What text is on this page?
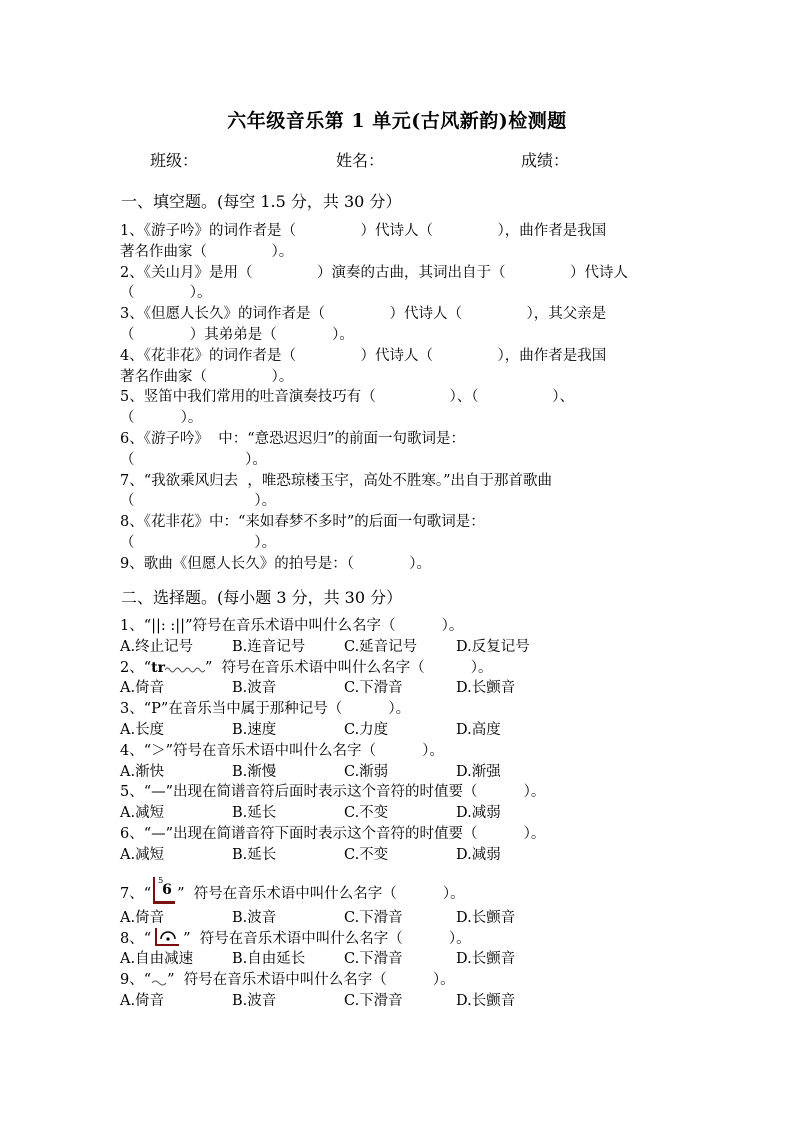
六年级音乐第 1 单元(古风新韵)检测题
班级：	姓名：	成绩：
一、填空题。(每空 1.5 分，共 30 分）
1、《游子吟》的词作者是（              ）代诗人（              ），曲作者是我国
著名作曲家（              ）。
2、《关山月》是用（              ）演奏的古曲，其词出自于（              ）代诗人
（            ）。
3、《但愿人长久》的词作者是（              ）代诗人（              ），其父亲是
（            ）其弟弟是（            ）。
4、《花非花》的词作者是（              ）代诗人（              ），曲作者是我国
著名作曲家（              ）。
5、竖笛中我们常用的吐音演奏技巧有（                ）、（                ）、
（          ）。
6、《游子吟》  中：“意恐迟迟归”的前面一句歌词是：
（                        ）。
7、“我欲乘风归去  ，唯恐琼楼玉宇，高处不胜寒。”出自于那首歌曲
（                          ）。
8、《花非花》中：“来如春梦不多时”的后面一句歌词是：
（                          ）。
9、歌曲《但愿人长久》的拍号是：（            ）。
二、选择题。(每小题 3 分，共 30 分）
1、“||: :||”符号在音乐术语中叫什么名字（          ）。
A.终止记号	B.连音记号	C.延音记号	D.反复记号
2、“tr	”  符号在音乐术语中叫什么名字（          ）。
A.倚音	B.波音	C.下滑音	D.长颤音
3、“P”在音乐当中属于那种记号（          ）。
A.长度	B.速度	C.力度	D.高度
4、“＞”符号在音乐术语中叫什么名字（          ）。
A.渐快	B.渐慢	C.渐弱	D.渐强
5、“—”出现在简谱音符后面时表示这个音符的时值要（          ）。
A.减短	B.延长	C.不变	D.减弱
6、“—”出现在简谱音符下面时表示这个音符的时值要（          ）。
A.减短	B.延长	C.不变	D.减弱
7、“
5
6 ”  符号在音乐术语中叫什么名字（          ）。
A.倚音	B.波音	C.下滑音	D.长颤音
8、“ ”  符号在音乐术语中叫什么名字（          ）。
A.自由减速	B.自由延长	C.下滑音	D.长颤音
9、“ ”  符号在音乐术语中叫什么名字（          ）。
A.倚音	B.波音	C.下滑音	D.长颤音
